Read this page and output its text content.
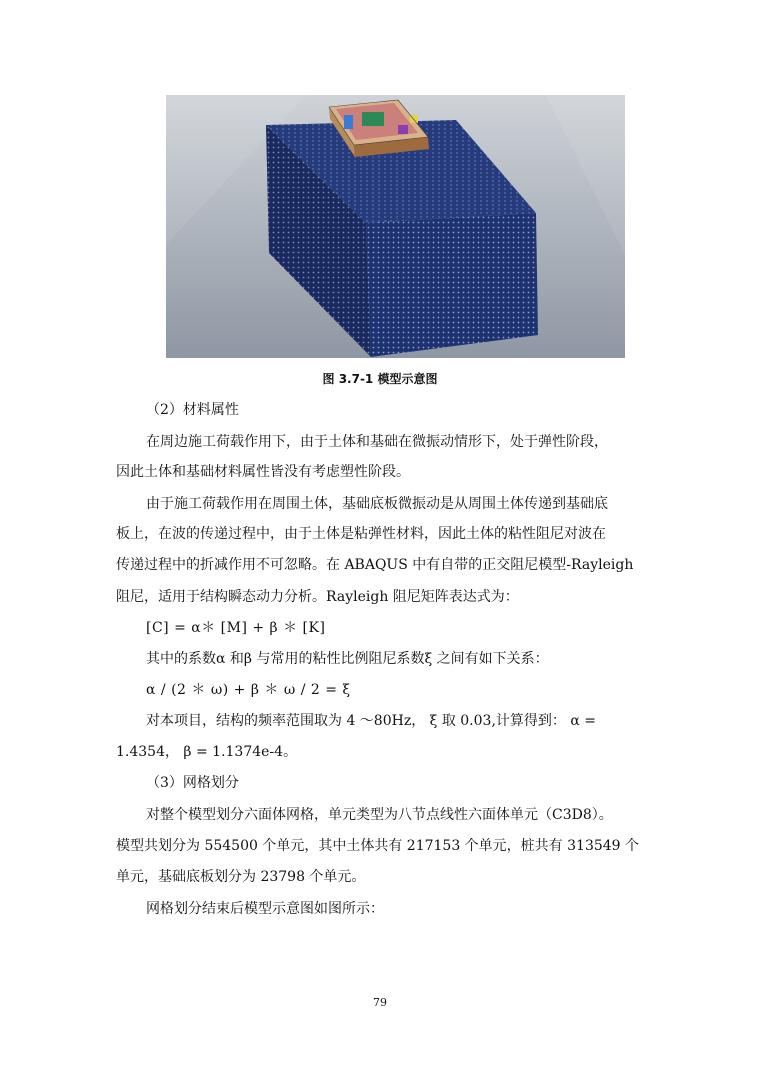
图 3.7-1 模型示意图
（2）材料属性
在周边施工荷载作用下，由于土体和基础在微振动情形下，处于弹性阶段，
因此土体和基础材料属性皆没有考虑塑性阶段。
由于施工荷载作用在周围土体，基础底板微振动是从周围土体传递到基础底
板上，在波的传递过程中，由于土体是粘弹性材料，因此土体的粘性阻尼对波在
传递过程中的折减作用不可忽略。在 ABAQUS 中有自带的正交阻尼模型-Rayleigh
阻尼，适用于结构瞬态动力分析。Rayleigh 阻尼矩阵表达式为：
[C] = α＊ [M] + β ＊ [K]
其中的系数α 和β 与常用的粘性比例阻尼系数ξ 之间有如下关系：
α / (2 ＊ ω) + β ＊ ω / 2 = ξ
对本项目，结构的频率范围取为 4 ～80Hz， ξ 取 0.03,计算得到： α =
1.4354， β = 1.1374e-4。
（3）网格划分
对整个模型划分六面体网格，单元类型为八节点线性六面体单元（C3D8）。
模型共划分为 554500 个单元，其中土体共有 217153 个单元，桩共有 313549 个
单元，基础底板划分为 23798 个单元。
网格划分结束后模型示意图如图所示：
79
